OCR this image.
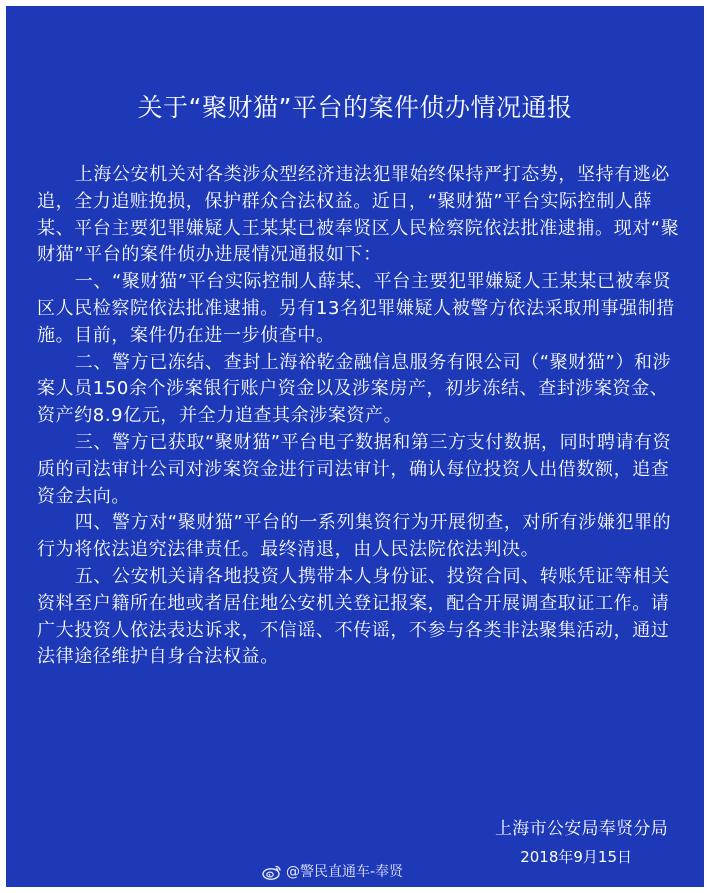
关于“聚财猫”平台的案件侦办情况通报

上海公安机关对各类涉众型经济违法犯罪始终保持严打态势，坚持有逃必追，全力追赃挽损，保护群众合法权益。近日，“聚财猫”平台实际控制人薛某、平台主要犯罪嫌疑人王某某已被奉贤区人民检察院依法批准逮捕。现对“聚财猫”平台的案件侦办进展情况通报如下：

一、“聚财猫”平台实际控制人薛某、平台主要犯罪嫌疑人王某某已被奉贤区人民检察院依法批准逮捕。另有13名犯罪嫌疑人被警方依法采取刑事强制措施。目前，案件仍在进一步侦查中。

二、警方已冻结、查封上海裕乾金融信息服务有限公司（“聚财猫”）和涉案人员150余个涉案银行账户资金以及涉案房产，初步冻结、查封涉案资金、资产约8.9亿元，并全力追查其余涉案资产。

三、警方已获取“聚财猫”平台电子数据和第三方支付数据，同时聘请有资质的司法审计公司对涉案资金进行司法审计，确认每位投资人出借数额，追查资金去向。

四、警方对“聚财猫”平台的一系列集资行为开展彻查，对所有涉嫌犯罪的行为将依法追究法律责任。最终清退，由人民法院依法判决。

五、公安机关请各地投资人携带本人身份证、投资合同、转账凭证等相关资料至户籍所在地或者居住地公安机关登记报案，配合开展调查取证工作。请广大投资人依法表达诉求，不信谣、不传谣，不参与各类非法聚集活动，通过法律途径维护自身合法权益。

上海市公安局奉贤分局
2018年9月15日
@警民直通车-奉贤
